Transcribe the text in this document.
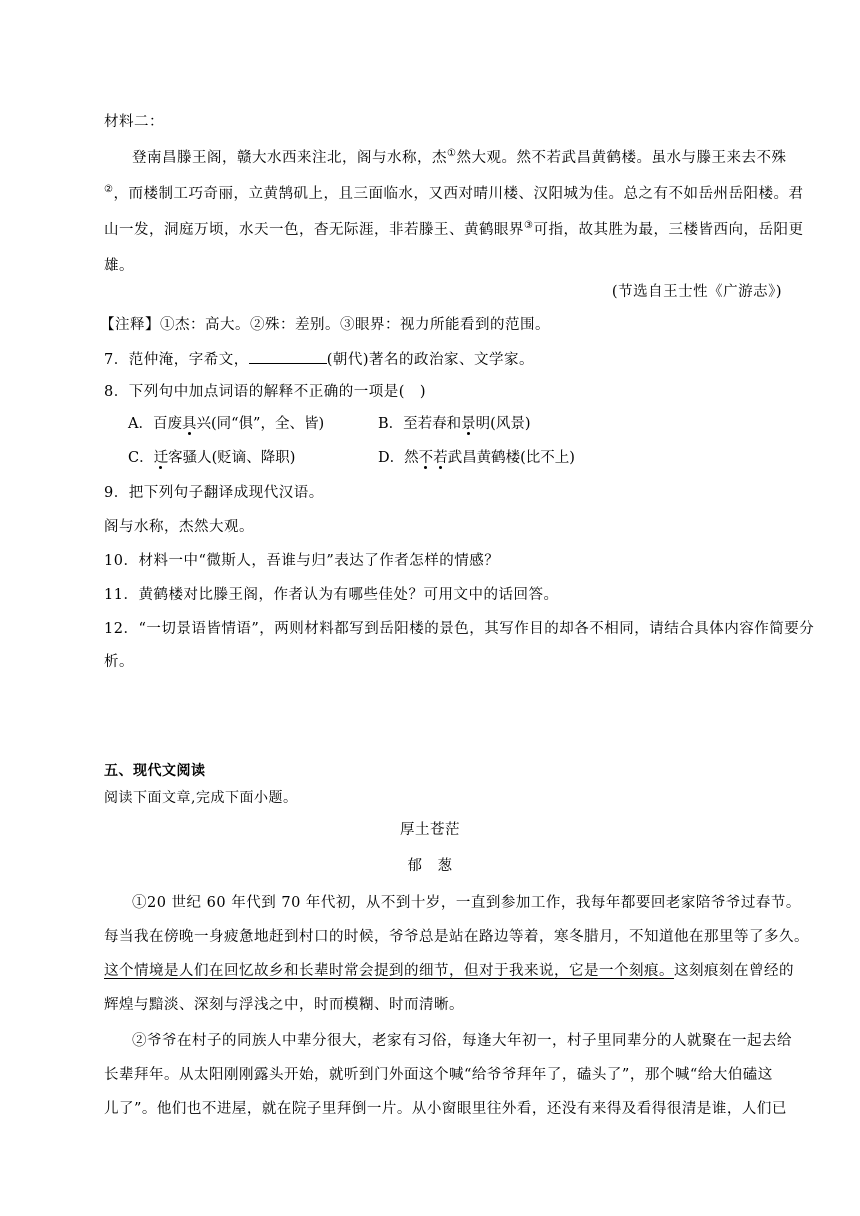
材料二：
登南昌滕王阁，赣大水西来注北，阁与水称，杰①然大观。然不若武昌黄鹤楼。虽水与滕王来去不殊
②，而楼制工巧奇丽，立黄鹄矶上，且三面临水，又西对晴川楼、汉阳城为佳。总之有不如岳州岳阳楼。君
山一发，洞庭万顷，水天一色，杳无际涯，非若滕王、黄鹤眼界③可指，故其胜为最，三楼皆西向，岳阳更
雄。
(节选自王士性《广游志》)
【注释】①杰：高大。②殊：差别。③眼界：视力所能看到的范围。
7．范仲淹，字希文，	(朝代)著名的政治家、文学家。
8．下列句中加点词语的解释不正确的一项是(　)
A．百废具兴(同“俱”，全、皆)	B．至若春和景明(风景)
C．迁客骚人(贬谪、降职)	D．然不若武昌黄鹤楼(比不上)
9．把下列句子翻译成现代汉语。
阁与水称，杰然大观。
10．材料一中“微斯人，吾谁与归”表达了作者怎样的情感？
11．黄鹤楼对比滕王阁，作者认为有哪些佳处？可用文中的话回答。
12．“一切景语皆情语”，两则材料都写到岳阳楼的景色，其写作目的却各不相同，请结合具体内容作简要分
析。
五、现代文阅读
阅读下面文章,完成下面小题。
厚土苍茫
郁　葱
①20 世纪 60 年代到 70 年代初，从不到十岁，一直到参加工作，我每年都要回老家陪爷爷过春节。
每当我在傍晚一身疲惫地赶到村口的时候，爷爷总是站在路边等着，寒冬腊月，不知道他在那里等了多久。
这个情境是人们在回忆故乡和长辈时常会提到的细节，但对于我来说，它是一个刻痕。这刻痕刻在曾经的
辉煌与黯淡、深刻与浮浅之中，时而模糊、时而清晰。
②爷爷在村子的同族人中辈分很大，老家有习俗，每逢大年初一，村子里同辈分的人就聚在一起去给
长辈拜年。从太阳刚刚露头开始，就听到门外面这个喊“给爷爷拜年了，磕头了”，那个喊“给大伯磕这
儿了”。他们也不进屋，就在院子里拜倒一片。从小窗眼里往外看，还没有来得及看得很清是谁，人们已
